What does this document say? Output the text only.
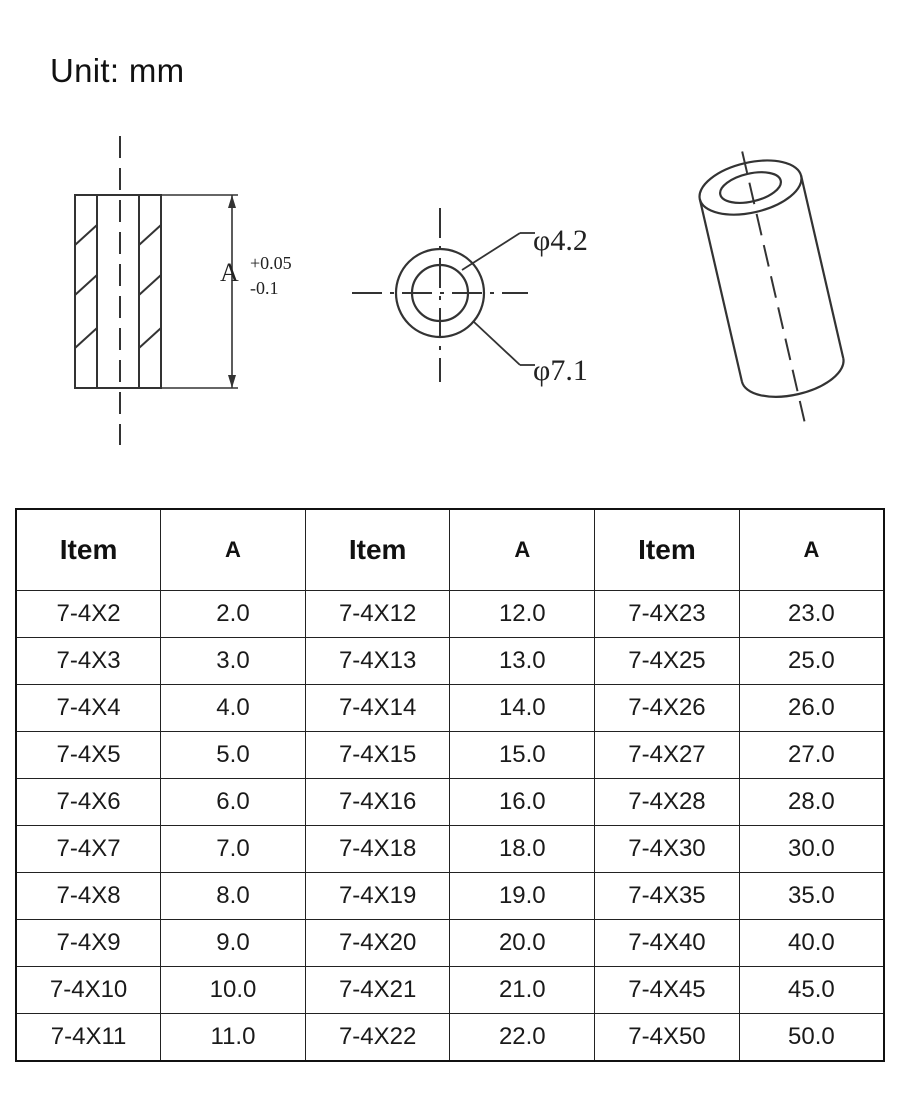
Unit: mm
A +0.05
-0.1
φ4.2
φ7.1
Item	A	Item	A	Item	A
7-4X2	2.0	7-4X12	12.0	7-4X23	23.0
7-4X3	3.0	7-4X13	13.0	7-4X25	25.0
7-4X4	4.0	7-4X14	14.0	7-4X26	26.0
7-4X5	5.0	7-4X15	15.0	7-4X27	27.0
7-4X6	6.0	7-4X16	16.0	7-4X28	28.0
7-4X7	7.0	7-4X18	18.0	7-4X30	30.0
7-4X8	8.0	7-4X19	19.0	7-4X35	35.0
7-4X9	9.0	7-4X20	20.0	7-4X40	40.0
7-4X10	10.0	7-4X21	21.0	7-4X45	45.0
7-4X11	11.0	7-4X22	22.0	7-4X50	50.0
